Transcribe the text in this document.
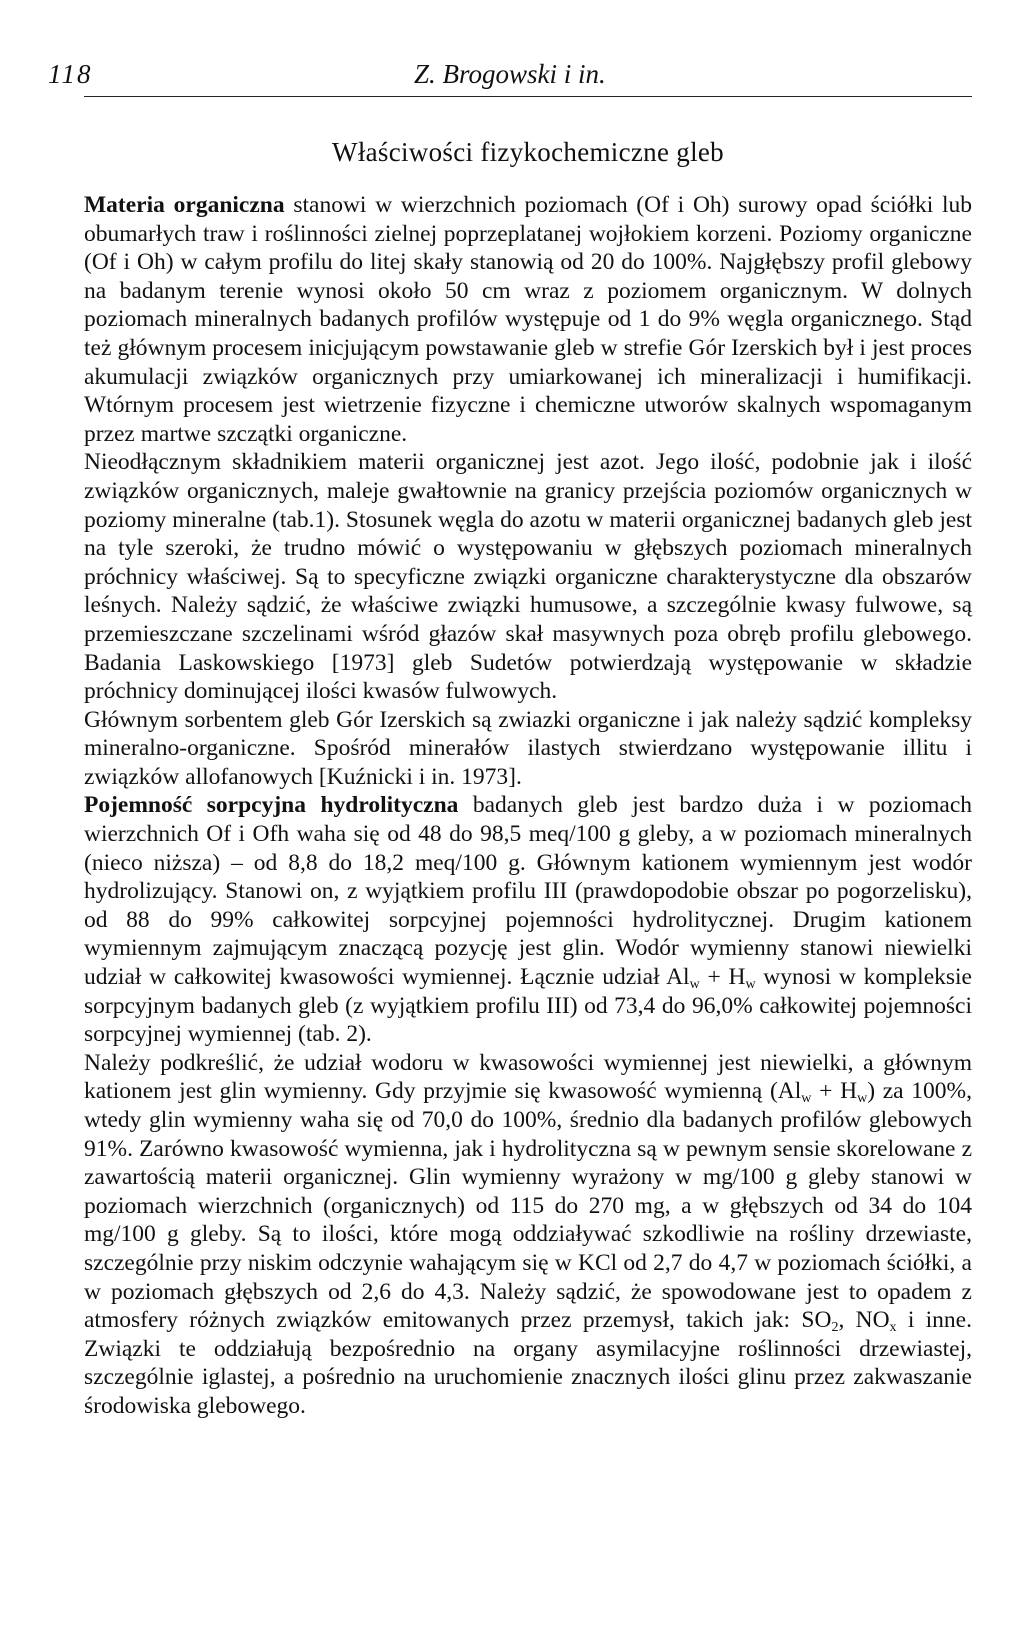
118	Z. Brogowski i in.
Właściwości fizykochemiczne gleb

Materia organiczna stanowi w wierzchnich poziomach (Of i Oh) surowy opad ściółki lub obumarłych traw i roślinności zielnej poprzeplatanej wojłokiem korzeni. Poziomy organiczne (Of i Oh) w całym profilu do litej skały stanowią od 20 do 100%. Najgłębszy profil glebowy na badanym terenie wynosi około 50 cm wraz z poziomem organicznym. W dolnych poziomach mineralnych badanych profilów występuje od 1 do 9% węgla organicznego. Stąd też głównym procesem inicjującym powstawanie gleb w strefie Gór Izerskich był i jest proces akumulacji związków organicznych przy umiarkowanej ich mineralizacji i humifikacji. Wtórnym procesem jest wietrzenie fizyczne i chemiczne utworów skalnych wspomaganym przez martwe szczątki organiczne.

Nieodłącznym składnikiem materii organicznej jest azot. Jego ilość, podobnie jak i ilość związków organicznych, maleje gwałtownie na granicy przejścia poziomów organicznych w poziomy mineralne (tab.1). Stosunek węgla do azotu w materii organicznej badanych gleb jest na tyle szeroki, że trudno mówić o występowaniu w głębszych poziomach mineralnych próchnicy właściwej. Są to specyficzne związki organiczne charakterystyczne dla obszarów leśnych. Należy sądzić, że właściwe związki humusowe, a szczególnie kwasy fulwowe, są przemieszczane szczelinami wśród głazów skał masywnych poza obręb profilu glebowego. Badania Laskowskiego [1973] gleb Sudetów potwierdzają występowanie w składzie próchnicy dominującej ilości kwasów fulwowych.

Głównym sorbentem gleb Gór Izerskich są zwiazki organiczne i jak należy sądzić kompleksy mineralno-organiczne. Spośród minerałów ilastych stwierdzano występowanie illitu i związków allofanowych [Kuźnicki i in. 1973].

Pojemność sorpcyjna hydrolityczna badanych gleb jest bardzo duża i w poziomach wierzchnich Of i Ofh waha się od 48 do 98,5 meq/100 g gleby, a w poziomach mineralnych (nieco niższa) – od 8,8 do 18,2 meq/100 g. Głównym kationem wymiennym jest wodór hydrolizujący. Stanowi on, z wyjątkiem profilu III (prawdopodobie obszar po pogorzelisku), od 88 do 99% całkowitej sorpcyjnej pojemności hydrolitycznej. Drugim kationem wymiennym zajmującym znaczącą pozycję jest glin. Wodór wymienny stanowi niewielki udział w całkowitej kwasowości wymiennej. Łącznie udział $Al_w + H_w$ wynosi w kompleksie sorpcyjnym badanych gleb (z wyjątkiem profilu III) od 73,4 do 96,0% całkowitej pojemności sorpcyjnej wymiennej (tab. 2).

Należy podkreślić, że udział wodoru w kwasowości wymiennej jest niewielki, a głównym kationem jest glin wymienny. Gdy przyjmie się kwasowość wymienną $(Al_w + H_w)$ za 100%, wtedy glin wymienny waha się od 70,0 do 100%, średnio dla badanych profilów glebowych 91%. Zarówno kwasowość wymienna, jak i hydrolityczna są w pewnym sensie skorelowane z zawartością materii organicznej. Glin wymienny wyrażony w mg/100 g gleby stanowi w poziomach wierzchnich (organicznych) od 115 do 270 mg, a w głębszych od 34 do 104 mg/100 g gleby. Są to ilości, które mogą oddziaływać szkodliwie na rośliny drzewiaste, szczególnie przy niskim odczynie wahającym się w KCl od 2,7 do 4,7 w poziomach ściółki, a w poziomach głębszych od 2,6 do 4,3. Należy sądzić, że spowodowane jest to opadem z atmosfery różnych związków emitowanych przez przemysł, takich jak: $SO_2$, $NO_x$ i inne. Związki te oddziałują bezpośrednio na organy asymilacyjne roślinności drzewiastej, szczególnie iglastej, a pośrednio na uruchomienie znacznych ilości glinu przez zakwaszanie środowiska glebowego.
